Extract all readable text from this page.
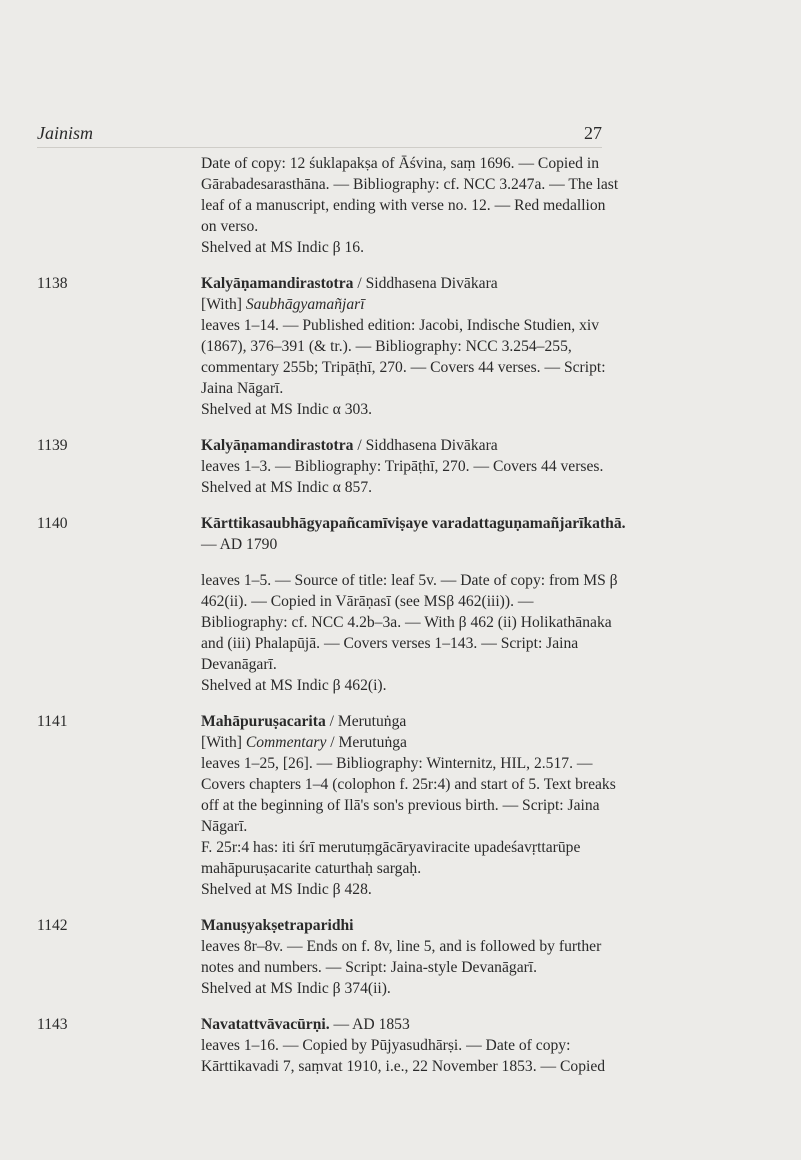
Jainism	27
Date of copy: 12 śuklapakṣa of Āśvina, saṃ 1696. — Copied in
Gārabadesarasthāna. — Bibliography: cf. NCC 3.247a. — The last
leaf of a manuscript, ending with verse no. 12. — Red medallion
on verso.
Shelved at MS Indic β 16.
1138	Kalyāṇamandirastotra / Siddhasena Divākara
[With] Saubhāgyamañjarī
leaves 1–14. — Published edition: Jacobi, Indische Studien, xiv
(1867), 376–391 (& tr.). — Bibliography: NCC 3.254–255,
commentary 255b; Tripāṭhī, 270. — Covers 44 verses. — Script:
Jaina Nāgarī.
Shelved at MS Indic α 303.
1139	Kalyāṇamandirastotra / Siddhasena Divākara
leaves 1–3. — Bibliography: Tripāṭhī, 270. — Covers 44 verses.
Shelved at MS Indic α 857.
1140	Kārttikasaubhāgyapañcamīviṣaye varadattaguṇamañjarīkathā.
— AD 1790
leaves 1–5. — Source of title: leaf 5v. — Date of copy: from MS β
462(ii). — Copied in Vārāṇasī (see MSβ 462(iii)). —
Bibliography: cf. NCC 4.2b–3a. — With β 462 (ii) Holikathānaka
and (iii) Phalapūjā. — Covers verses 1–143. — Script: Jaina
Devanāgarī.
Shelved at MS Indic β 462(i).
1141	Mahāpuruṣacarita / Merutuṅga
[With] Commentary / Merutuṅga
leaves 1–25, [26]. — Bibliography: Winternitz, HIL, 2.517. —
Covers chapters 1–4 (colophon f. 25r:4) and start of 5. Text breaks
off at the beginning of Ilā's son's previous birth. — Script: Jaina
Nāgarī.
F. 25r:4 has: iti śrī merutuṃgācāryaviracite upadeśavṛttarūpe
mahāpuruṣacarite caturthaḥ sargaḥ.
Shelved at MS Indic β 428.
1142	Manuṣyakṣetraparidhi
leaves 8r–8v. — Ends on f. 8v, line 5, and is followed by further
notes and numbers. — Script: Jaina-style Devanāgarī.
Shelved at MS Indic β 374(ii).
1143	Navatattvāvacūrṇi. — AD 1853
leaves 1–16. — Copied by Pūjyasudhārṣi. — Date of copy:
Kārttikavadi 7, saṃvat 1910, i.e., 22 November 1853. — Copied
